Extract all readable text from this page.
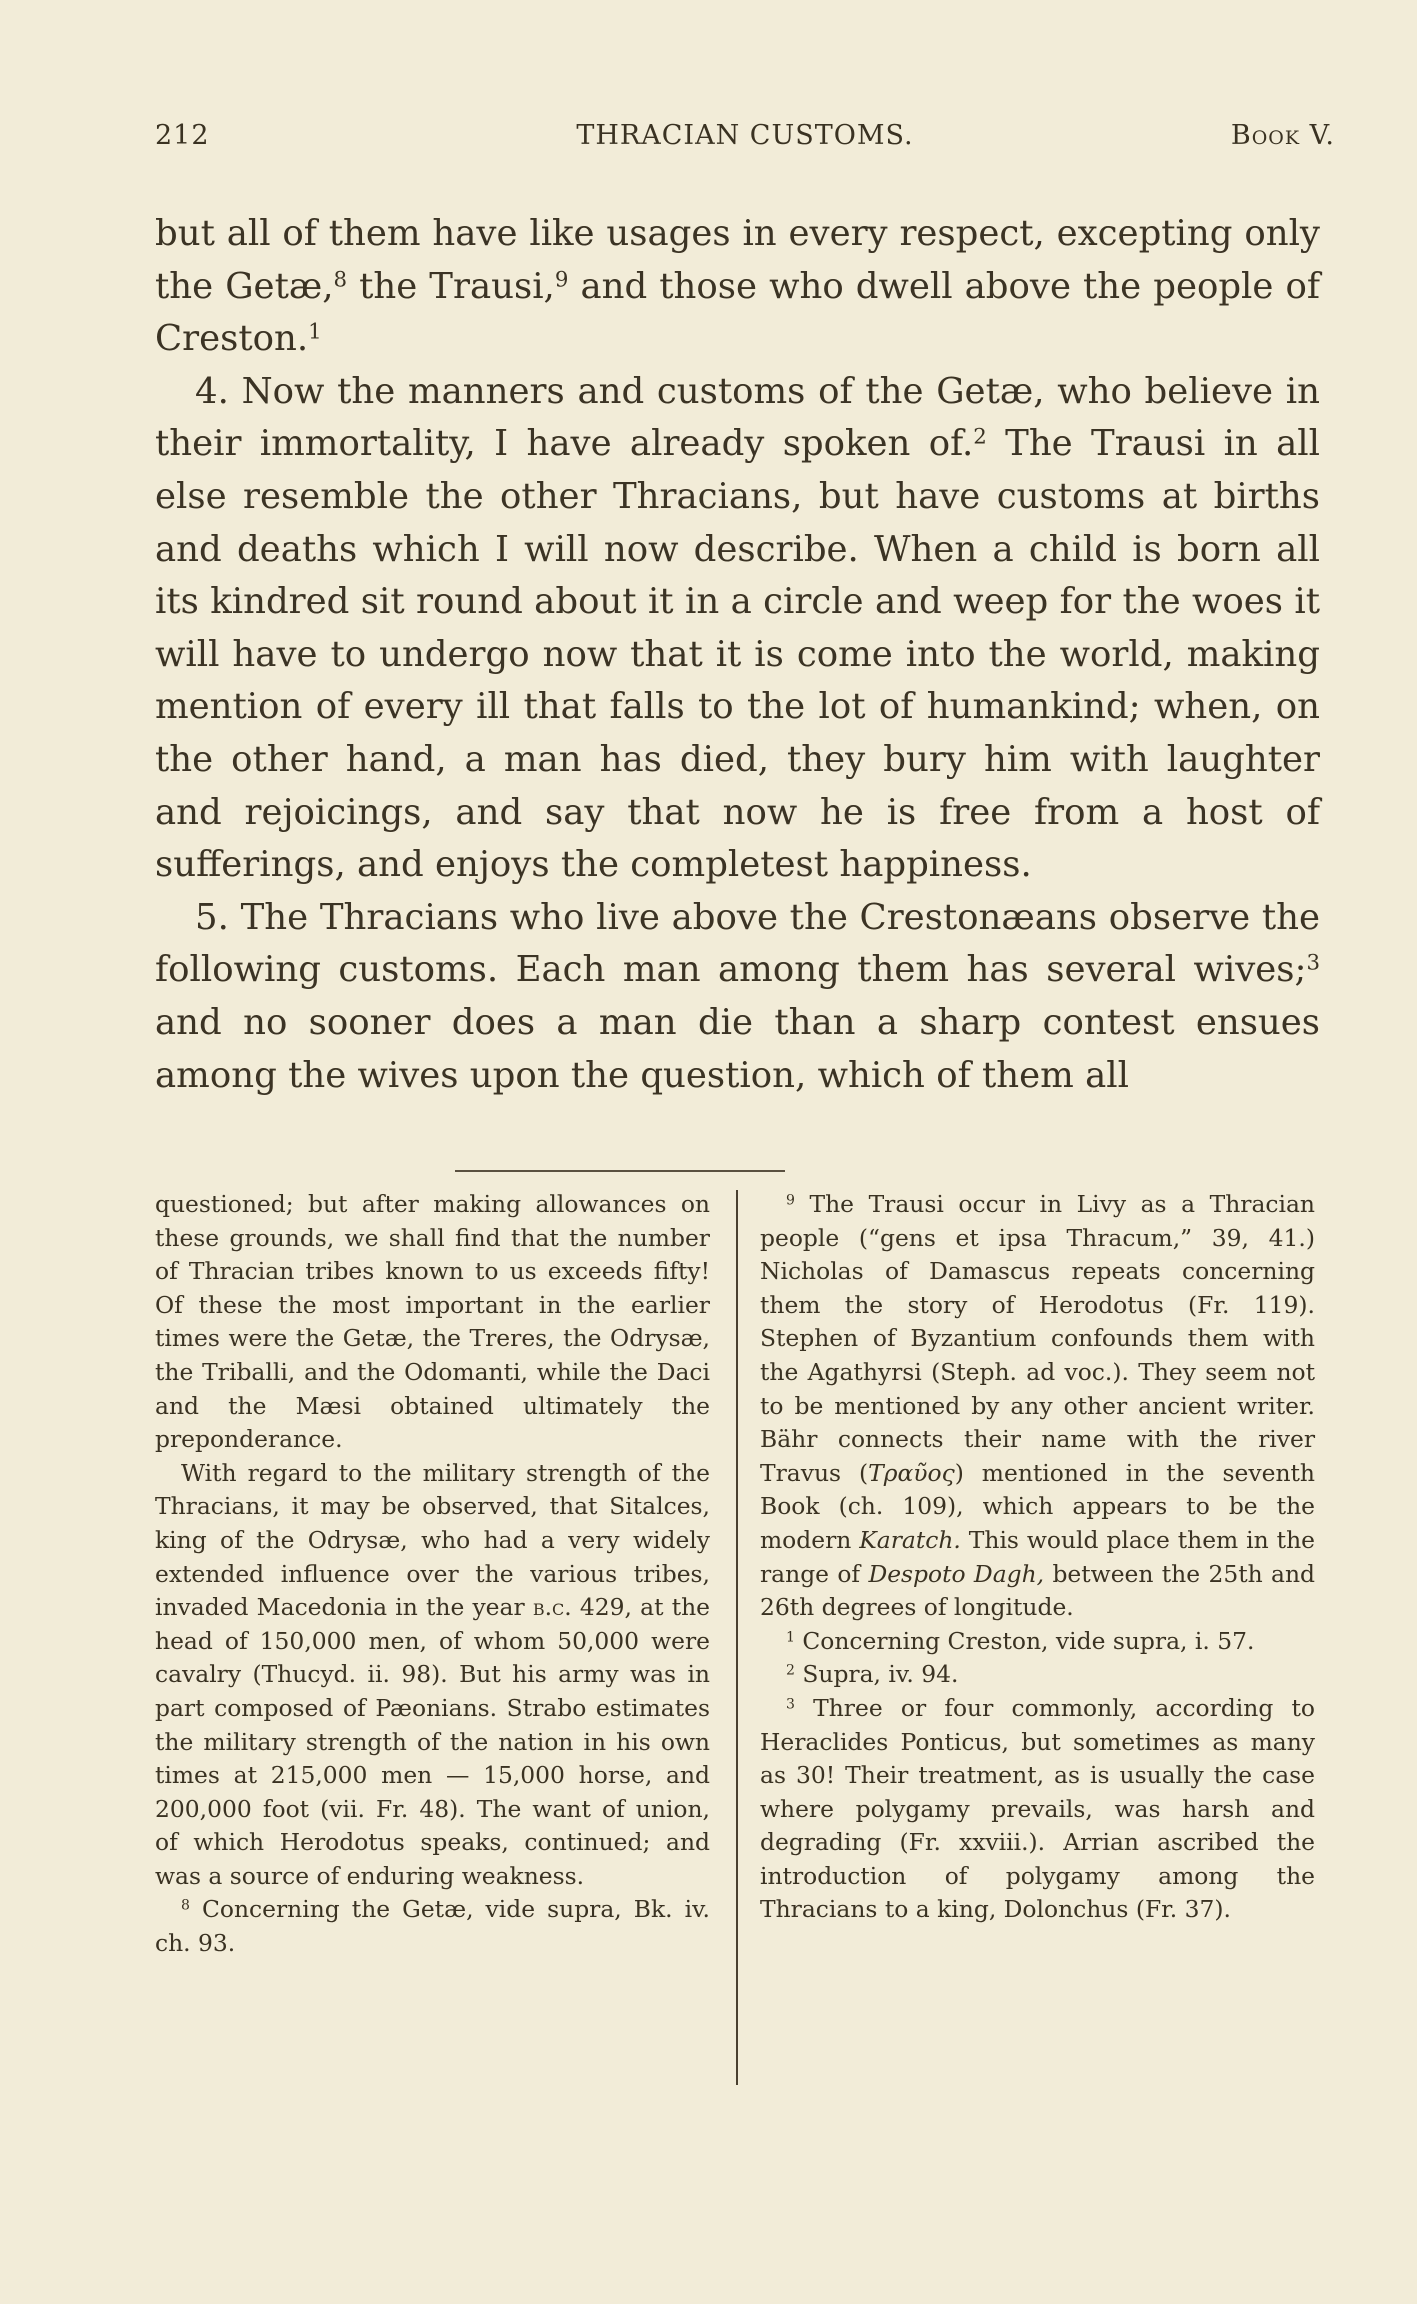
212	THRACIAN CUSTOMS.	Book V.

but all of them have like usages in every respect, excepting only the Getæ,$^8$ the Trausi,$^9$ and those who dwell above the people of Creston.$^1$

4. Now the manners and customs of the Getæ, who believe in their immortality, I have already spoken of.$^2$ The Trausi in all else resemble the other Thracians, but have customs at births and deaths which I will now describe. When a child is born all its kindred sit round about it in a circle and weep for the woes it will have to undergo now that it is come into the world, making mention of every ill that falls to the lot of humankind; when, on the other hand, a man has died, they bury him with laughter and rejoicings, and say that now he is free from a host of sufferings, and enjoys the completest happiness.

5. The Thracians who live above the Crestonæans observe the following customs. Each man among them has several wives;$^3$ and no sooner does a man die than a sharp contest ensues among the wives upon the question, which of them all

questioned; but after making allowances on these grounds, we shall find that the number of Thracian tribes known to us exceeds fifty! Of these the most important in the earlier times were the Getæ, the Treres, the Odrysæ, the Triballi, and the Odomanti, while the Daci and the Mæsi obtained ultimately the preponderance.

With regard to the military strength of the Thracians, it may be observed, that Sitalces, king of the Odrysæ, who had a very widely extended influence over the various tribes, invaded Macedonia in the year b.c. 429, at the head of 150,000 men, of whom 50,000 were cavalry (Thucyd. ii. 98). But his army was in part composed of Pæonians. Strabo estimates the military strength of the nation in his own times at 215,000 men — 15,000 horse, and 200,000 foot (vii. Fr. 48). The want of union, of which Herodotus speaks, continued; and was a source of enduring weakness.

$^8$ Concerning the Getæ, vide supra, Bk. iv. ch. 93.

$^9$ The Trausi occur in Livy as a Thracian people (“gens et ipsa Thracum,” 39, 41.) Nicholas of Damascus repeats concerning them the story of Herodotus (Fr. 119). Stephen of Byzantium confounds them with the Agathyrsi (Steph. ad voc.). They seem not to be mentioned by any other ancient writer. Bähr connects their name with the river Travus (Τραῦος) mentioned in the seventh Book (ch. 109), which appears to be the modern Karatch. This would place them in the range of Despoto Dagh, between the 25th and 26th degrees of longitude.

$^1$ Concerning Creston, vide supra, i. 57.

$^2$ Supra, iv. 94.

$^3$ Three or four commonly, according to Heraclides Ponticus, but sometimes as many as 30! Their treatment, as is usually the case where polygamy prevails, was harsh and degrading (Fr. xxviii.). Arrian ascribed the introduction of polygamy among the Thracians to a king, Dolonchus (Fr. 37).
